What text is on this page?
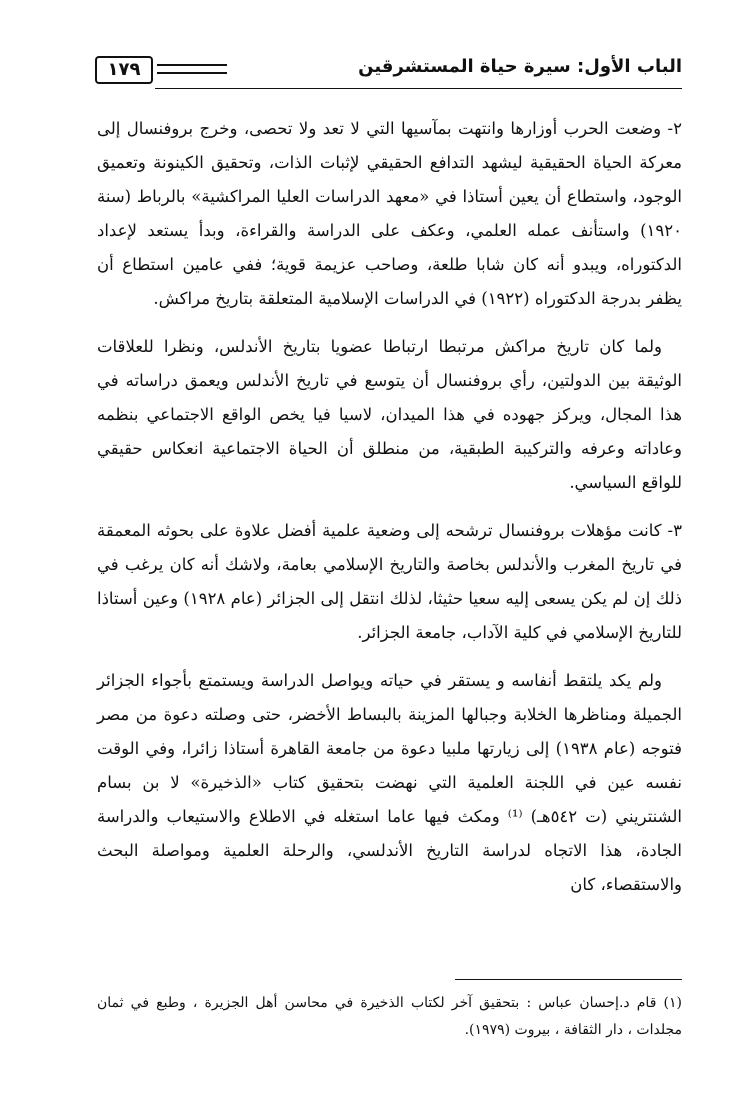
١٧٩	الباب الأول: سيرة حياة المستشرقين

٢- وضعت الحرب أوزارها وانتهت بمآسيها التي لا تعد ولا تحصى، وخرج بروفنسال إلى معركة الحياة الحقيقية ليشهد التدافع الحقيقي لإثبات الذات، وتحقيق الكينونة وتعميق الوجود، واستطاع أن يعين أستاذا في «معهد الدراسات العليا المراكشية» بالرباط (سنة ١٩٢٠) واستأنف عمله العلمي، وعكف على الدراسة والقراءة، وبدأ يستعد لإعداد الدكتوراه، ويبدو أنه كان شابا طلعة، وصاحب عزيمة قوية؛ ففي عامين استطاع أن يظفر بدرجة الدكتوراه (١٩٢٢) في الدراسات الإسلامية المتعلقة بتاريخ مراكش.

ولما كان تاريخ مراكش مرتبطا ارتباطا عضويا بتاريخ الأندلس، ونظرا للعلاقات الوثيقة بين الدولتين، رأي بروفنسال أن يتوسع في تاريخ الأندلس ويعمق دراساته في هذا المجال، ويركز جهوده في هذا الميدان، لاسيا فيا يخص الواقع الاجتماعي بنظمه وعاداته وعرفه والتركيبة الطبقية، من منطلق أن الحياة الاجتماعية انعكاس حقيقي للواقع السياسي.

٣- كانت مؤهلات بروفنسال ترشحه إلى وضعية علمية أفضل علاوة على بحوثه المعمقة في تاريخ المغرب والأندلس بخاصة والتاريخ الإسلامي بعامة، ولاشك أنه كان يرغب في ذلك إن لم يكن يسعى إليه سعيا حثيثا، لذلك انتقل إلى الجزائر (عام ١٩٢٨) وعين أستاذا للتاريخ الإسلامي في كلية الآداب، جامعة الجزائر.

ولم يكد يلتقط أنفاسه و يستقر في حياته ويواصل الدراسة ويستمتع بأجواء الجزائر الجميلة ومناظرها الخلابة وجبالها المزينة بالبساط الأخضر، حتى وصلته دعوة من مصر فتوجه (عام ١٩٣٨) إلى زيارتها ملبيا دعوة من جامعة القاهرة أستاذا زائرا، وفي الوقت نفسه عين في اللجنة العلمية التي نهضت بتحقيق كتاب «الذخيرة» لا بن بسام الشنتريني (ت ٥٤٢هـ) ⁽¹⁾ ومكث فيها عاما استغله في الاطلاع والاستيعاب والدراسة الجادة، هذا الاتجاه لدراسة التاريخ الأندلسي، والرحلة العلمية ومواصلة البحث والاستقصاء، كان

(١) قام د.إحسان عباس : بتحقيق آخر لكتاب الذخيرة في محاسن أهل الجزيرة ، وطبع في ثمان مجلدات ، دار الثقافة ، بيروت (١٩٧٩).
